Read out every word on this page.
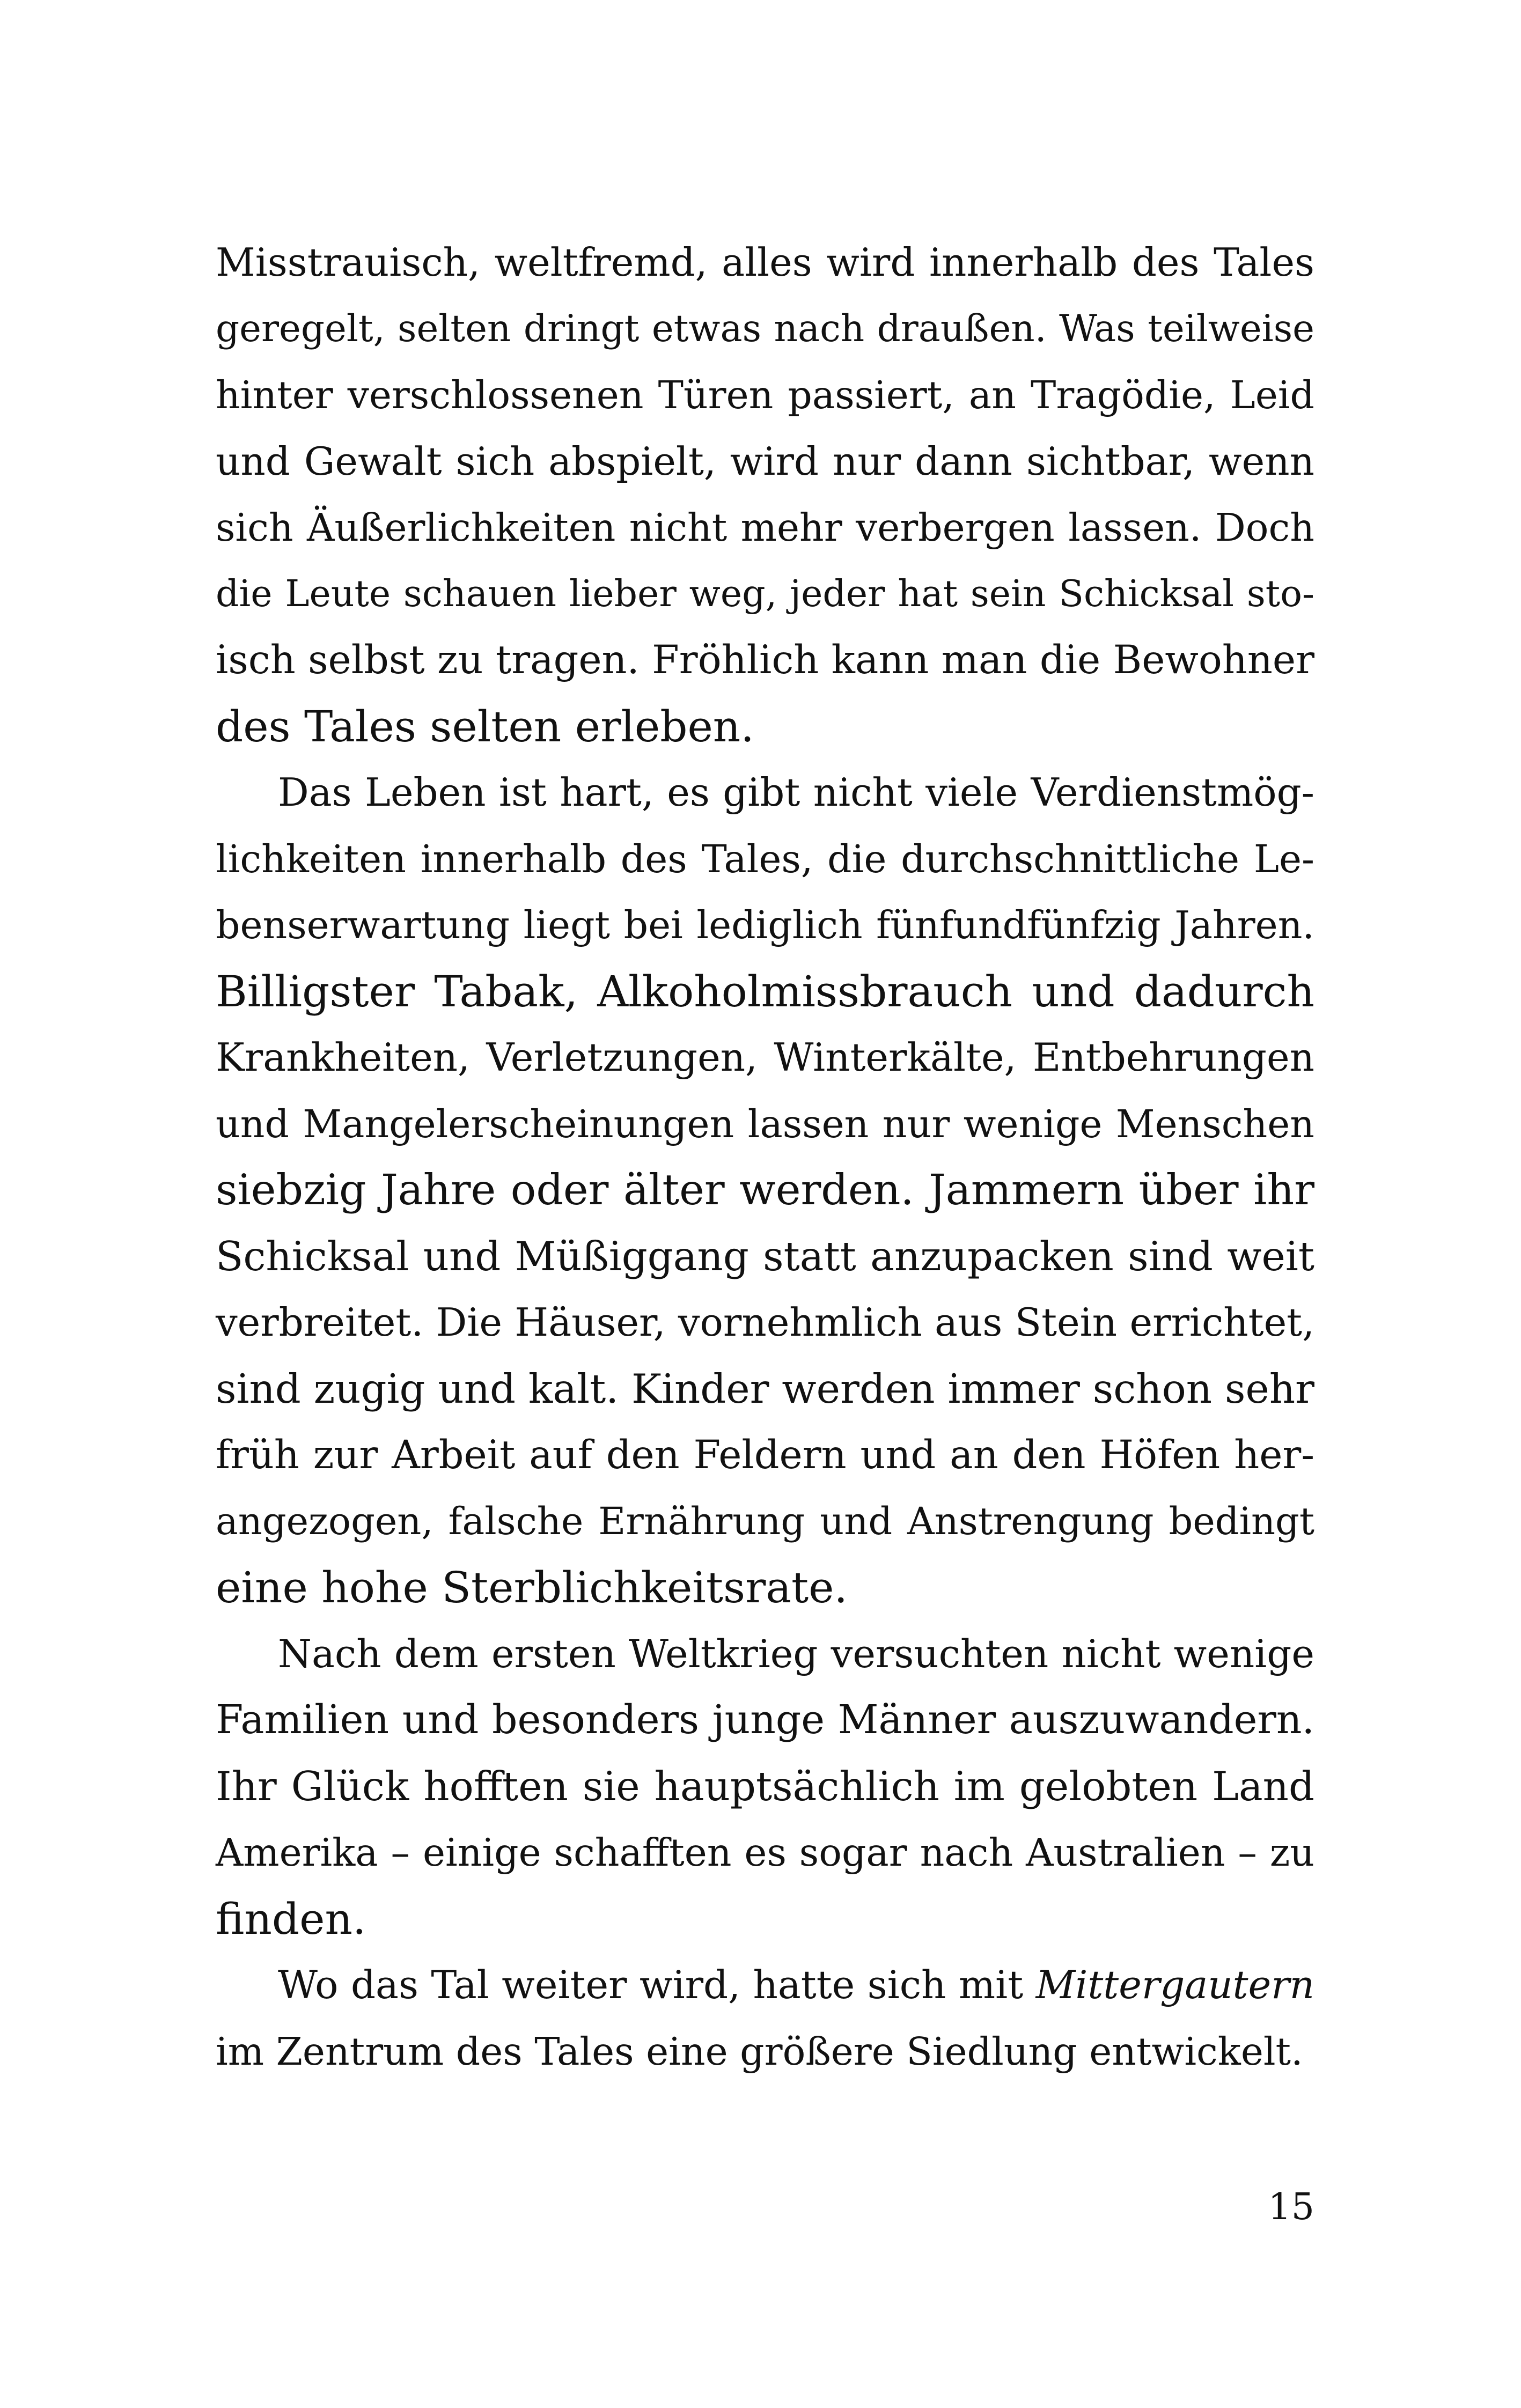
Misstrauisch, weltfremd, alles wird innerhalb des Tales
geregelt, selten dringt etwas nach draußen. Was teilweise
hinter verschlossenen Türen passiert, an Tragödie, Leid
und Gewalt sich abspielt, wird nur dann sichtbar, wenn
sich Äußerlichkeiten nicht mehr verbergen lassen. Doch
die Leute schauen lieber weg, jeder hat sein Schicksal sto-
isch selbst zu tragen. Fröhlich kann man die Bewohner
des Tales selten erleben.
Das Leben ist hart, es gibt nicht viele Verdienstmög-
lichkeiten innerhalb des Tales, die durchschnittliche Le-
benserwartung liegt bei lediglich fünfundfünfzig Jahren.
Billigster Tabak, Alkoholmissbrauch und dadurch
Krankheiten, Verletzungen, Winterkälte, Entbehrungen
und Mangelerscheinungen lassen nur wenige Menschen
siebzig Jahre oder älter werden. Jammern über ihr
Schicksal und Müßiggang statt anzupacken sind weit
verbreitet. Die Häuser, vornehmlich aus Stein errichtet,
sind zugig und kalt. Kinder werden immer schon sehr
früh zur Arbeit auf den Feldern und an den Höfen her-
angezogen, falsche Ernährung und Anstrengung bedingt
eine hohe Sterblichkeitsrate.
Nach dem ersten Weltkrieg versuchten nicht wenige
Familien und besonders junge Männer auszuwandern.
Ihr Glück hofften sie hauptsächlich im gelobten Land
Amerika – einige schafften es sogar nach Australien – zu
finden.
Wo das Tal weiter wird, hatte sich mit Mittergautern
im Zentrum des Tales eine größere Siedlung entwickelt.
15
